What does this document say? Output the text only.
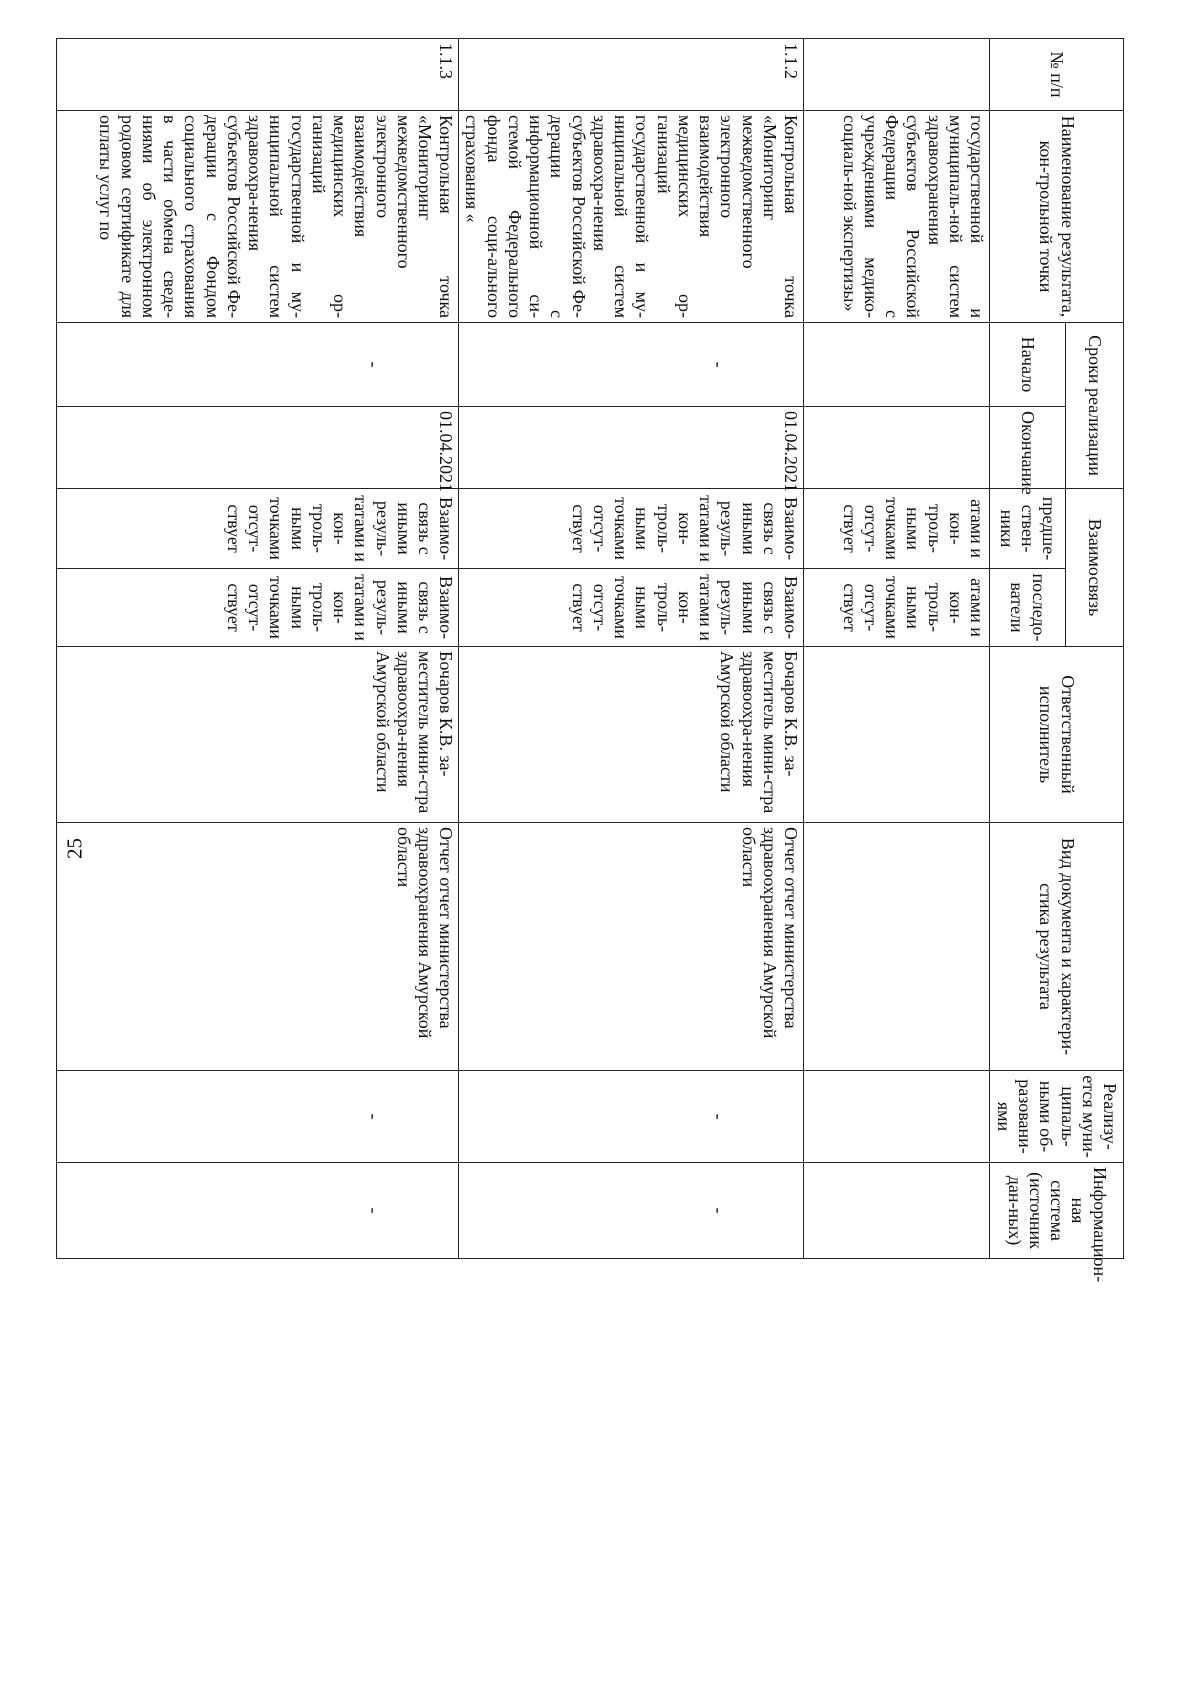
25
№ п/п	Наименование результата, кон-трольной точки	Сроки реализации		Взаимосвязь		Ответственный исполнитель	Вид документа и характери-стика результата	Реализу-ется муни-ципаль-ными об-разовани-ями	Информацион-ная система (источник дан-ных)
		Начало	Окончание	предше-ствен-ники	последо-ватели				
	государственной и муниципаль-ной систем здравоохранения субъектов Российской Федерации с учреждениями медико-социаль-ной экспертизы»			атами и кон-троль-ными точками отсут-ствует	атами и кон-троль-ными точками отсут-ствует				
1.1.2	Контрольная точка «Мониторинг межведомственного электронного взаимодействия медицинских ор-ганизаций государственной и му-ниципальной систем здравоохра-нения субъектов Российской Фе-дерации с информационной си-стемой Федерального фонда соци-ального страхования «	-	01.04.2021	Взаимо-связь с иными резуль-татами и кон-троль-ными точками отсут-ствует	Взаимо-связь с иными резуль-татами и кон-троль-ными точками отсут-ствует	Бочаров К.В. за-меститель мини-стра здравоохра-нения Амурской области	Отчет отчет министерства здравоохранения Амурской области	-	-
1.1.3	Контрольная точка «Мониторинг межведомственного электронного взаимодействия медицинских ор-ганизаций государственной и му-ниципальной систем здравоохра-нения субъектов Российской Фе-дерации с Фондом социального страхования в части обмена сведе-ниями об электронном родовом сертификате для оплаты услуг по	-	01.04.2021	Взаимо-связь с иными резуль-татами и кон-троль-ными точками отсут-ствует	Взаимо-связь с иными резуль-татами и кон-троль-ными точками отсут-ствует	Бочаров К.В. за-меститель мини-стра здравоохра-нения Амурской области	Отчет отчет министерства здравоохранения Амурской области	-	-
